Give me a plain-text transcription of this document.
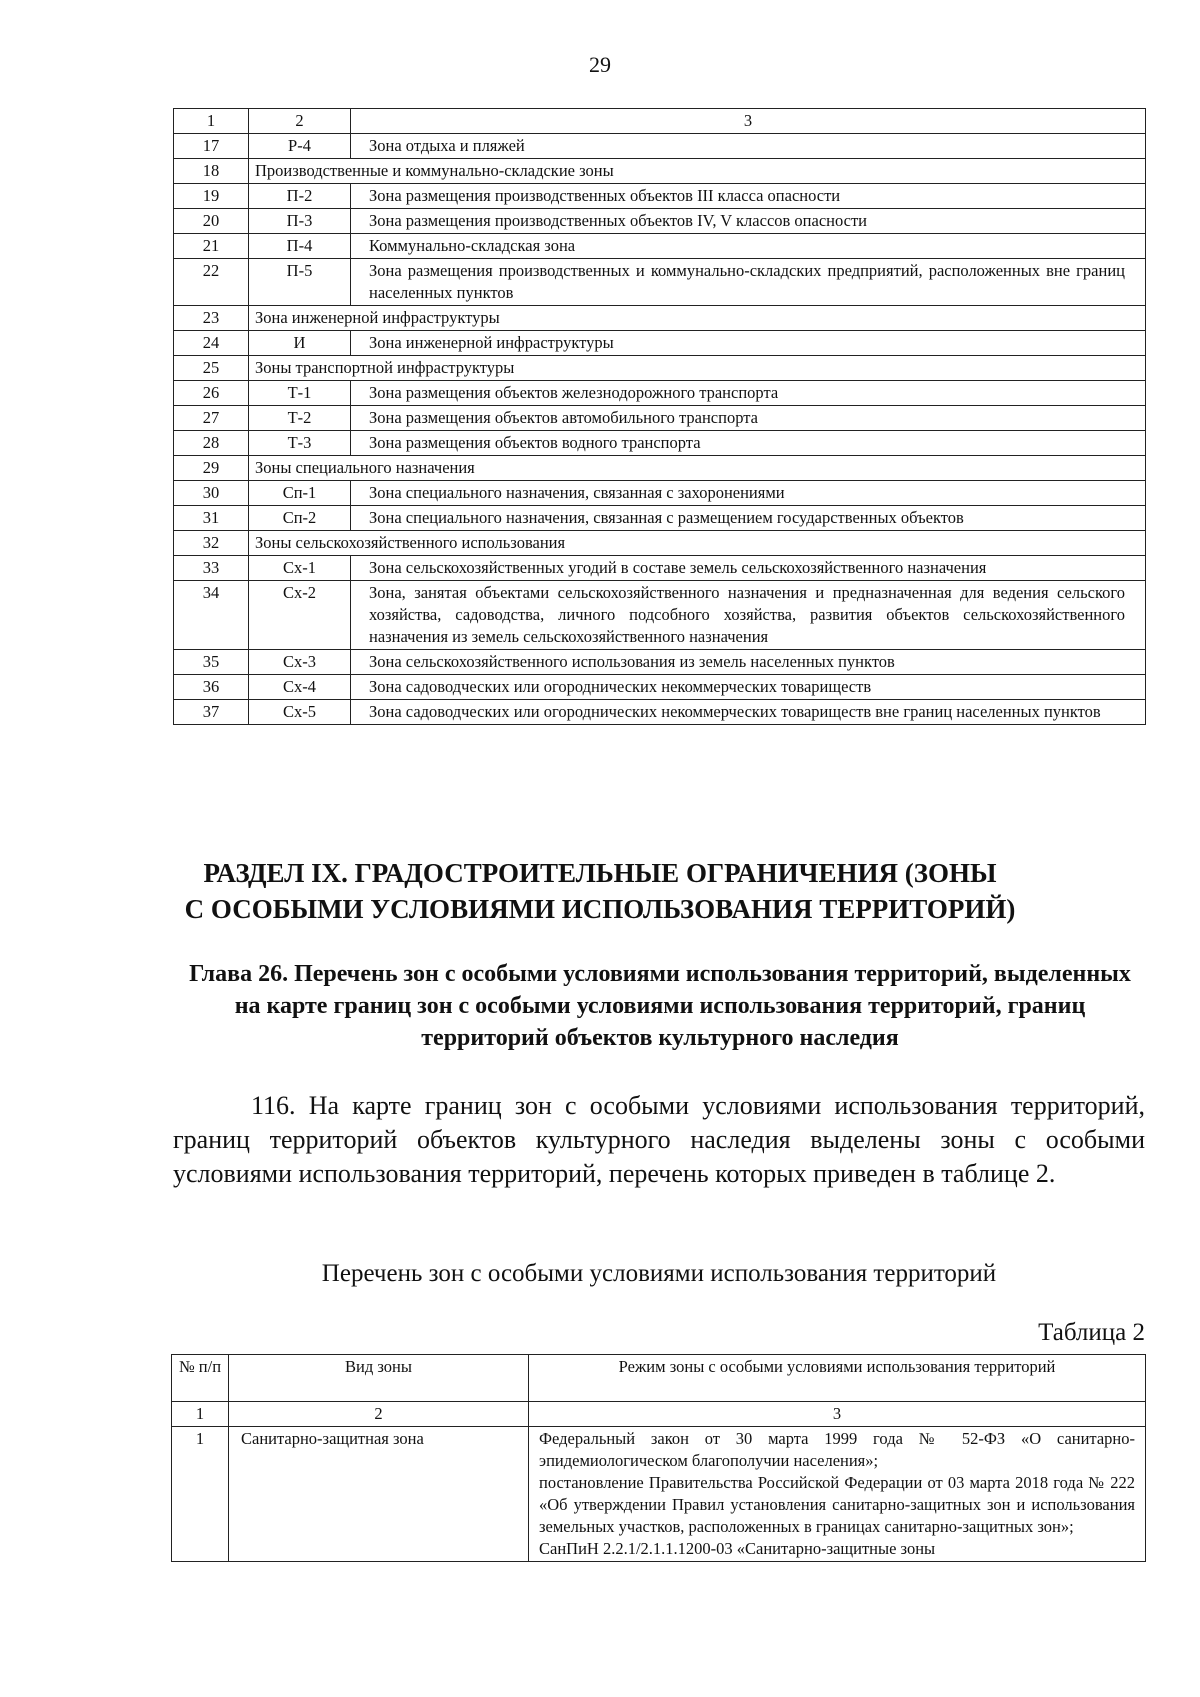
29
1	2	3
17	Р-4	Зона отдыха и пляжей
18	Производственные и коммунально-складские зоны	
19	П-2	Зона размещения производственных объектов III класса опасности
20	П-3	Зона размещения производственных объектов IV, V классов опасности
21	П-4	Коммунально-складская зона
22	П-5	Зона размещения производственных и коммунально-складских предприятий, расположенных вне границ населенных пунктов
23	Зона инженерной инфраструктуры	
24	И	Зона инженерной инфраструктуры
25	Зоны транспортной инфраструктуры	
26	Т-1	Зона размещения объектов железнодорожного транспорта
27	Т-2	Зона размещения объектов автомобильного транспорта
28	Т-3	Зона размещения объектов водного транспорта
29	Зоны специального назначения	
30	Сп-1	Зона специального назначения, связанная с захоронениями
31	Сп-2	Зона специального назначения, связанная с размещением государственных объектов
32	Зоны сельскохозяйственного использования	
33	Сх-1	Зона сельскохозяйственных угодий в составе земель сельскохозяйственного назначения
34	Сх-2	Зона, занятая объектами сельскохозяйственного назначения и предназначенная для ведения сельского хозяйства, садоводства, личного подсобного хозяйства, развития объектов сельскохозяйственного назначения из земель сельскохозяйственного назначения
35	Сх-3	Зона сельскохозяйственного использования из земель населенных пунктов
36	Сх-4	Зона садоводческих или огороднических некоммерческих товариществ
37	Сх-5	Зона садоводческих или огороднических некоммерческих товариществ вне границ населенных пунктов
РАЗДЕЛ IX. ГРАДОСТРОИТЕЛЬНЫЕ ОГРАНИЧЕНИЯ (ЗОНЫ
С ОСОБЫМИ УСЛОВИЯМИ ИСПОЛЬЗОВАНИЯ ТЕРРИТОРИЙ)
Глава 26. Перечень зон с особыми условиями использования территорий, выделенных на карте границ зон с особыми условиями использования территорий, границ территорий объектов культурного наследия
116. На карте границ зон с особыми условиями использования территорий, границ территорий объектов культурного наследия выделены зоны с особыми условиями использования территорий, перечень которых приведен в таблице 2.
Перечень зон с особыми условиями использования территорий
Таблица 2
№ п/п	Вид зоны	Режим зоны с особыми условиями использования территорий
1	2	3
1	Санитарно-защитная зона	Федеральный закон от 30 марта 1999 года № 52-ФЗ «О санитарно-эпидемиологическом благополучии населения»;
постановление Правительства Российской Федерации от 03 марта 2018 года № 222 «Об утверждении Правил установления санитарно-защитных зон и использования земельных участков, расположенных в границах санитарно-защитных зон»;
СанПиН 2.2.1/2.1.1.1200-03 «Санитарно-защитные зоны
